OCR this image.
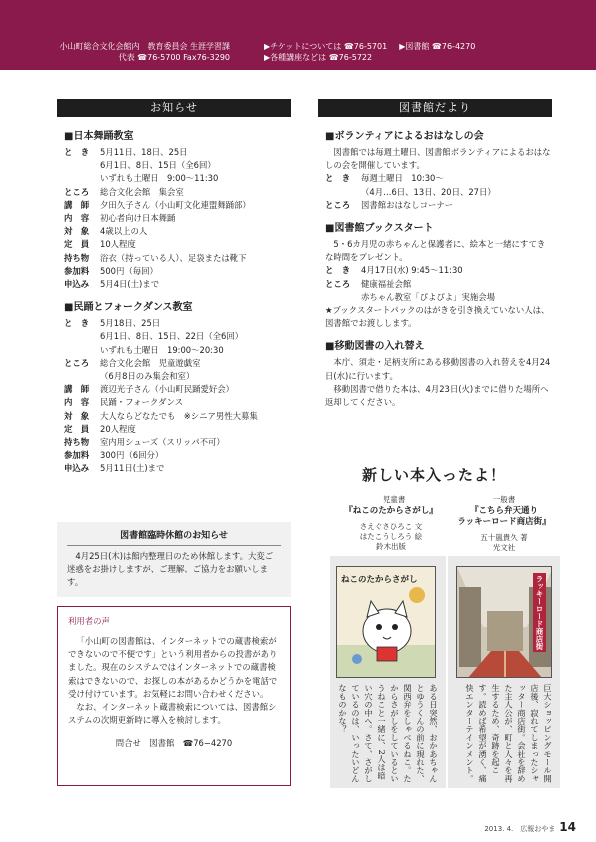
小山町総合文化会館内　教育委員会 生涯学習課
代表 ☎76-5700 Fax76-3290
▶チケットについては ☎76-5701 ▶図書館 ☎76-4270
▶各種講座などは ☎76-5722
お知らせ	図書館だより
■日本舞踊教室
と　き	5月11日、18日、25日
6月1日、8日、15日（全6回）
いずれも土曜日　9:00～11:30
ところ	総合文化会館　集会室
講　師	夕田久子さん（小山町文化連盟舞踊部）
内　容	初心者向け日本舞踊
対　象	4歳以上の人
定　員	10人程度
持ち物	浴衣（持っている人）、足袋または靴下
参加料	500円（毎回）
申込み	5月4日(土)まで
■民踊とフォークダンス教室
と　き	5月18日、25日
6月1日、8日、15日、22日（全6回）
いずれも土曜日　19:00～20:30
ところ	総合文化会館　児童遊戯室
（6月8日のみ集会和室）
講　師	渡辺光子さん（小山町民踊愛好会）
内　容	民踊・フォークダンス
対　象	大人ならどなたでも　※シニア男性大募集
定　員	20人程度
持ち物	室内用シューズ（スリッパ不可）
参加料	300円（6回分）
申込み	5月11日(土)まで
図書館臨時休館のお知らせ
4月25日(木)は館内整理日のため休館します。大変ご迷惑をお掛けしますが、ご理解、ご協力をお願いします。
利用者の声
「小山町の図書館は、インターネットでの蔵書検索ができないので不便です」という利用者からの投書がありました。現在のシステムではインターネットでの蔵書検索はできないので、お探しの本があるかどうかを電話で受け付けています。お気軽にお問い合わせください。
なお、インターネット蔵書検索については、図書館システムの次期更新時に導入を検討します。
問合せ　図書館　☎76−4270
■ボランティアによるおはなしの会
図書館では毎週土曜日、図書館ボランティアによるおはなしの会を開催しています。
と　き	毎週土曜日　10:30～
（4月…6日、13日、20日、27日）
ところ	図書館おはなしコーナー
■図書館ブックスタート
5・6カ月児の赤ちゃんと保護者に、絵本と一緒にすてきな時間をプレゼント。
と　き	4月17日(水) 9:45～11:30
ところ	健康福祉会館
赤ちゃん教室「ぴよぴよ」実施会場
★ブックスタートパックのはがきを引き換えていない人は、図書館でお渡しします。
■移動図書の入れ替え
本庁、須走・足柄支所にある移動図書の入れ替えを4月24日(水)に行います。
移動図書で借りた本は、4月23日(火)までに借りた場所へ返却してください。
新しい本入ったよ！
児童書
『ねこのたからさがし』
さえぐさひろこ 文
はたこうしろう 絵
鈴木出版
一般書
『こちら弁天通り
ラッキーロード商店街』
五十嵐貴久 著
光文社
ねこのたからさがし	ラッキーロード商店街
ある日突然、おかあちゃんとゆうくんの前に現れた、関西弁をしゃべるねこ。たからさがしをしているというねこと一緒に、2人は暗い穴の中へ。さて、さがしているのは、いったいどんなものかな？	巨大ショッピングモール開店後、寂れてしまったシャッター商店街。会社を辞めた主人公が、町と人々を再生するため、奇跡を起こす。読めば希望が湧く、痛快エンターテインメント。
2013. 4.　広報おやま 14
